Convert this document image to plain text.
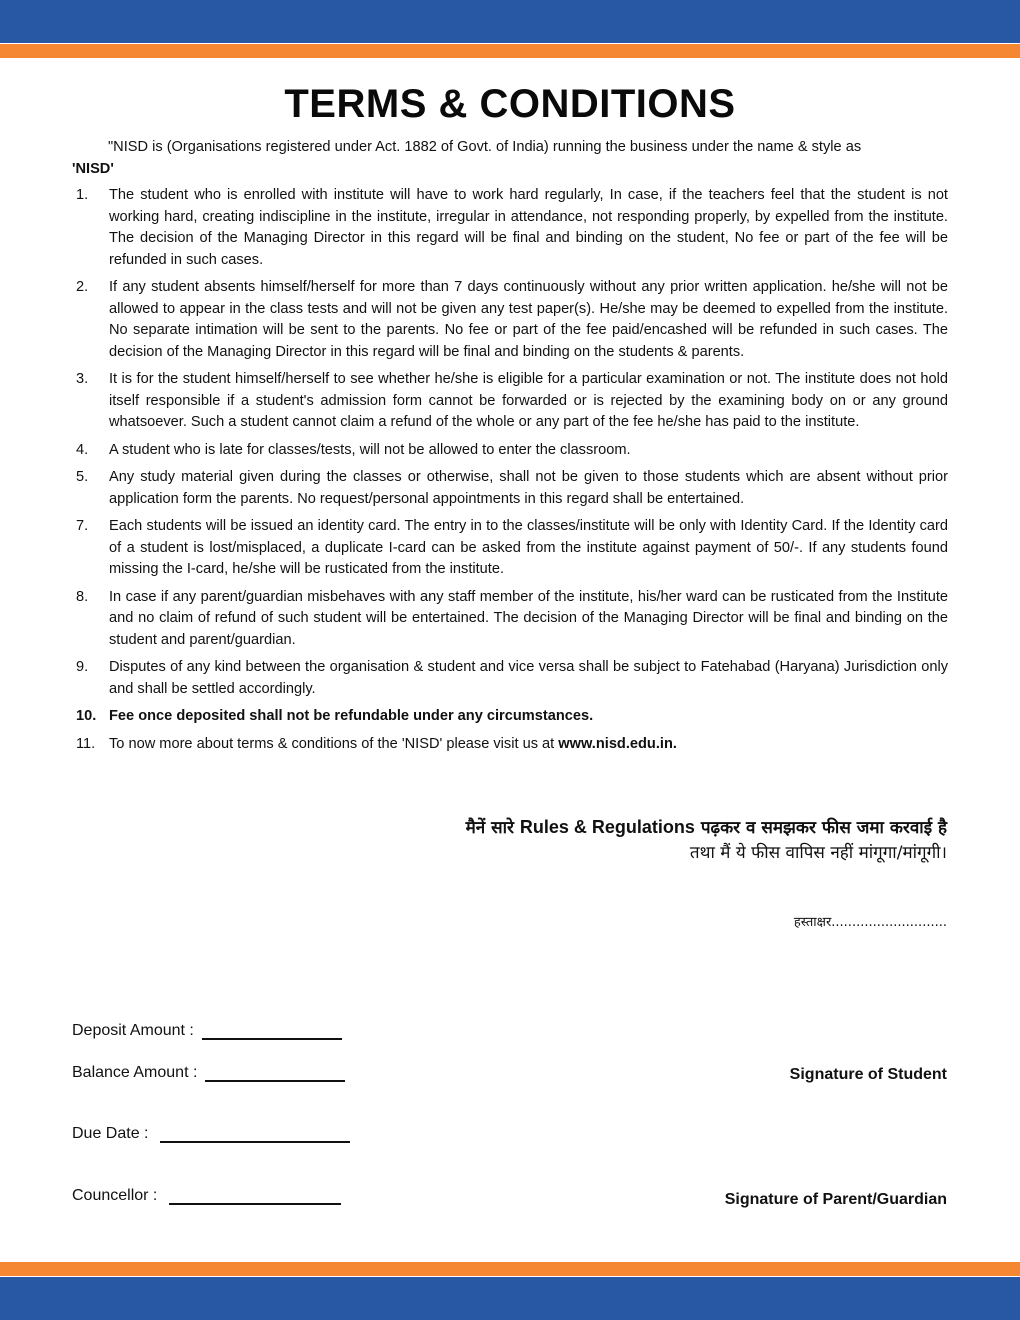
TERMS & CONDITIONS
"NISD is (Organisations registered under Act. 1882 of Govt. of India) running the business under the name & style as
'NISD'
1.	The student who is enrolled with institute will have to work hard regularly, In case, if the teachers feel that the student is not working hard, creating indiscipline in the institute, irregular in attendance, not responding properly, by expelled from the institute. The decision of the Managing Director in this regard will be final and binding on the student, No fee or part of the fee will be refunded in such cases.
2.	If any student absents himself/herself for more than 7 days continuously without any prior written application. he/she will not be allowed to appear in the class tests and will not be given any test paper(s). He/she may be deemed to expelled from the institute. No separate intimation will be sent to the parents. No fee or part of the fee paid/encashed will be refunded in such cases. The decision of the Managing Director in this regard will be final and binding on the students & parents.
3.	It is for the student himself/herself to see whether he/she is eligible for a particular examination or not. The institute does not hold itself responsible if a student's admission form cannot be forwarded or is rejected by the examining body on or any ground whatsoever. Such a student cannot claim a refund of the whole or any part of the fee he/she has paid to the institute.
4.	A student who is late for classes/tests, will not be allowed to enter the classroom.
5.	Any study material given during the classes or otherwise, shall not be given to those students which are absent without prior application form the parents. No request/personal appointments in this regard shall be entertained.
7.	Each students will be issued an identity card. The entry in to the classes/institute will be only with Identity Card. If the Identity card of a student is lost/misplaced, a duplicate I-card can be asked from the institute against payment of 50/-. If any students found missing the I-card, he/she will be rusticated from the institute.
8.	In case if any parent/guardian misbehaves with any staff member of the institute, his/her ward can be rusticated from the Institute and no claim of refund of such student will be entertained. The decision of the Managing Director will be final and binding on the student and parent/guardian.
9.	Disputes of any kind between the organisation & student and vice versa shall be subject to Fatehabad (Haryana) Jurisdiction only and shall be settled accordingly.
10. Fee once deposited shall not be refundable under any circumstances.
11. To now more about terms & conditions of the 'NISD' please visit us at www.nisd.edu.in.
मैनें सारे Rules & Regulations पढ़कर व समझकर फीस जमा करवाई है
तथा मैं ये फीस वापिस नहीं मांगूगा/मांगूगी।
हस्ताक्षर............................
Deposit Amount :
Balance Amount :
Due Date :
Councellor :
Signature of Student
Signature of Parent/Guardian
